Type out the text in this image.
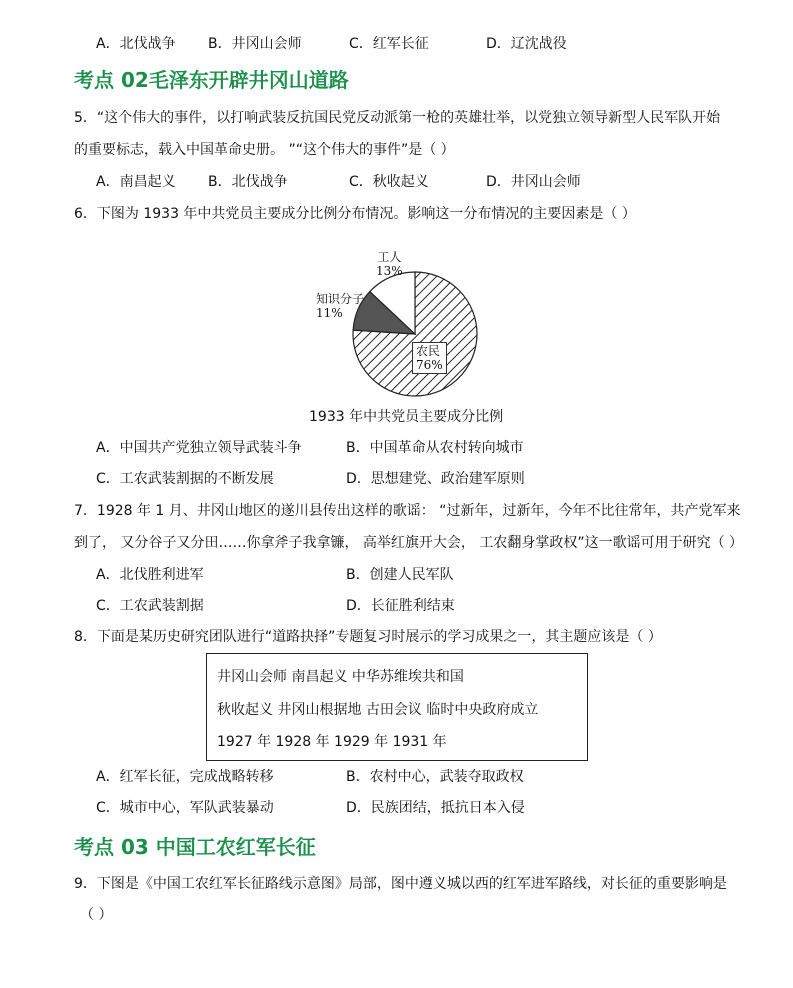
A．北伐战争 B．井冈山会师	C．红军长征	D．辽沈战役
考点 02毛泽东开辟井冈山道路
5．“这个伟大的事件，以打响武装反抗国民党反动派第一枪的英雄壮举，以党独立领导新型人民军队开始
的重要标志，载入中国革命史册。 ”“这个伟大的事件”是（ ）
A．南昌起义 B．北伐战争	C．秋收起义	D．井冈山会师
6．下图为 1933 年中共党员主要成分比例分布情况。影响这一分布情况的主要因素是（ ）
工人
13%
知识分子
11%
农民
76%
1933 年中共党员主要成分比例
A．中国共产党独立领导武装斗争	B．中国革命从农村转向城市
C．工农武装割据的不断发展	D．思想建党、政治建军原则
7．1928 年 1 月、井冈山地区的遂川县传出这样的歌谣： “过新年，过新年，今年不比往常年，共产党军来
到了， 又分谷子又分田……你拿斧子我拿镰， 高举红旗开大会， 工农翻身掌政权”这一歌谣可用于研究（ ）
A．北伐胜利进军	B．创建人民军队
C．工农武装割据	D．长征胜利结束
8．下面是某历史研究团队进行“道路抉择”专题复习时展示的学习成果之一，其主题应该是（ ）
井冈山会师 南昌起义 中华苏维埃共和国
秋收起义 井冈山根据地 古田会议 临时中央政府成立
1927 年 1928 年 1929 年 1931 年
A．红军长征，完成战略转移	B．农村中心，武装夺取政权
C．城市中心，军队武装暴动	D．民族团结，抵抗日本入侵
考点 03 中国工农红军长征
9．下图是《中国工农红军长征路线示意图》局部，图中遵义城以西的红军进军路线，对长征的重要影响是
（ ）
